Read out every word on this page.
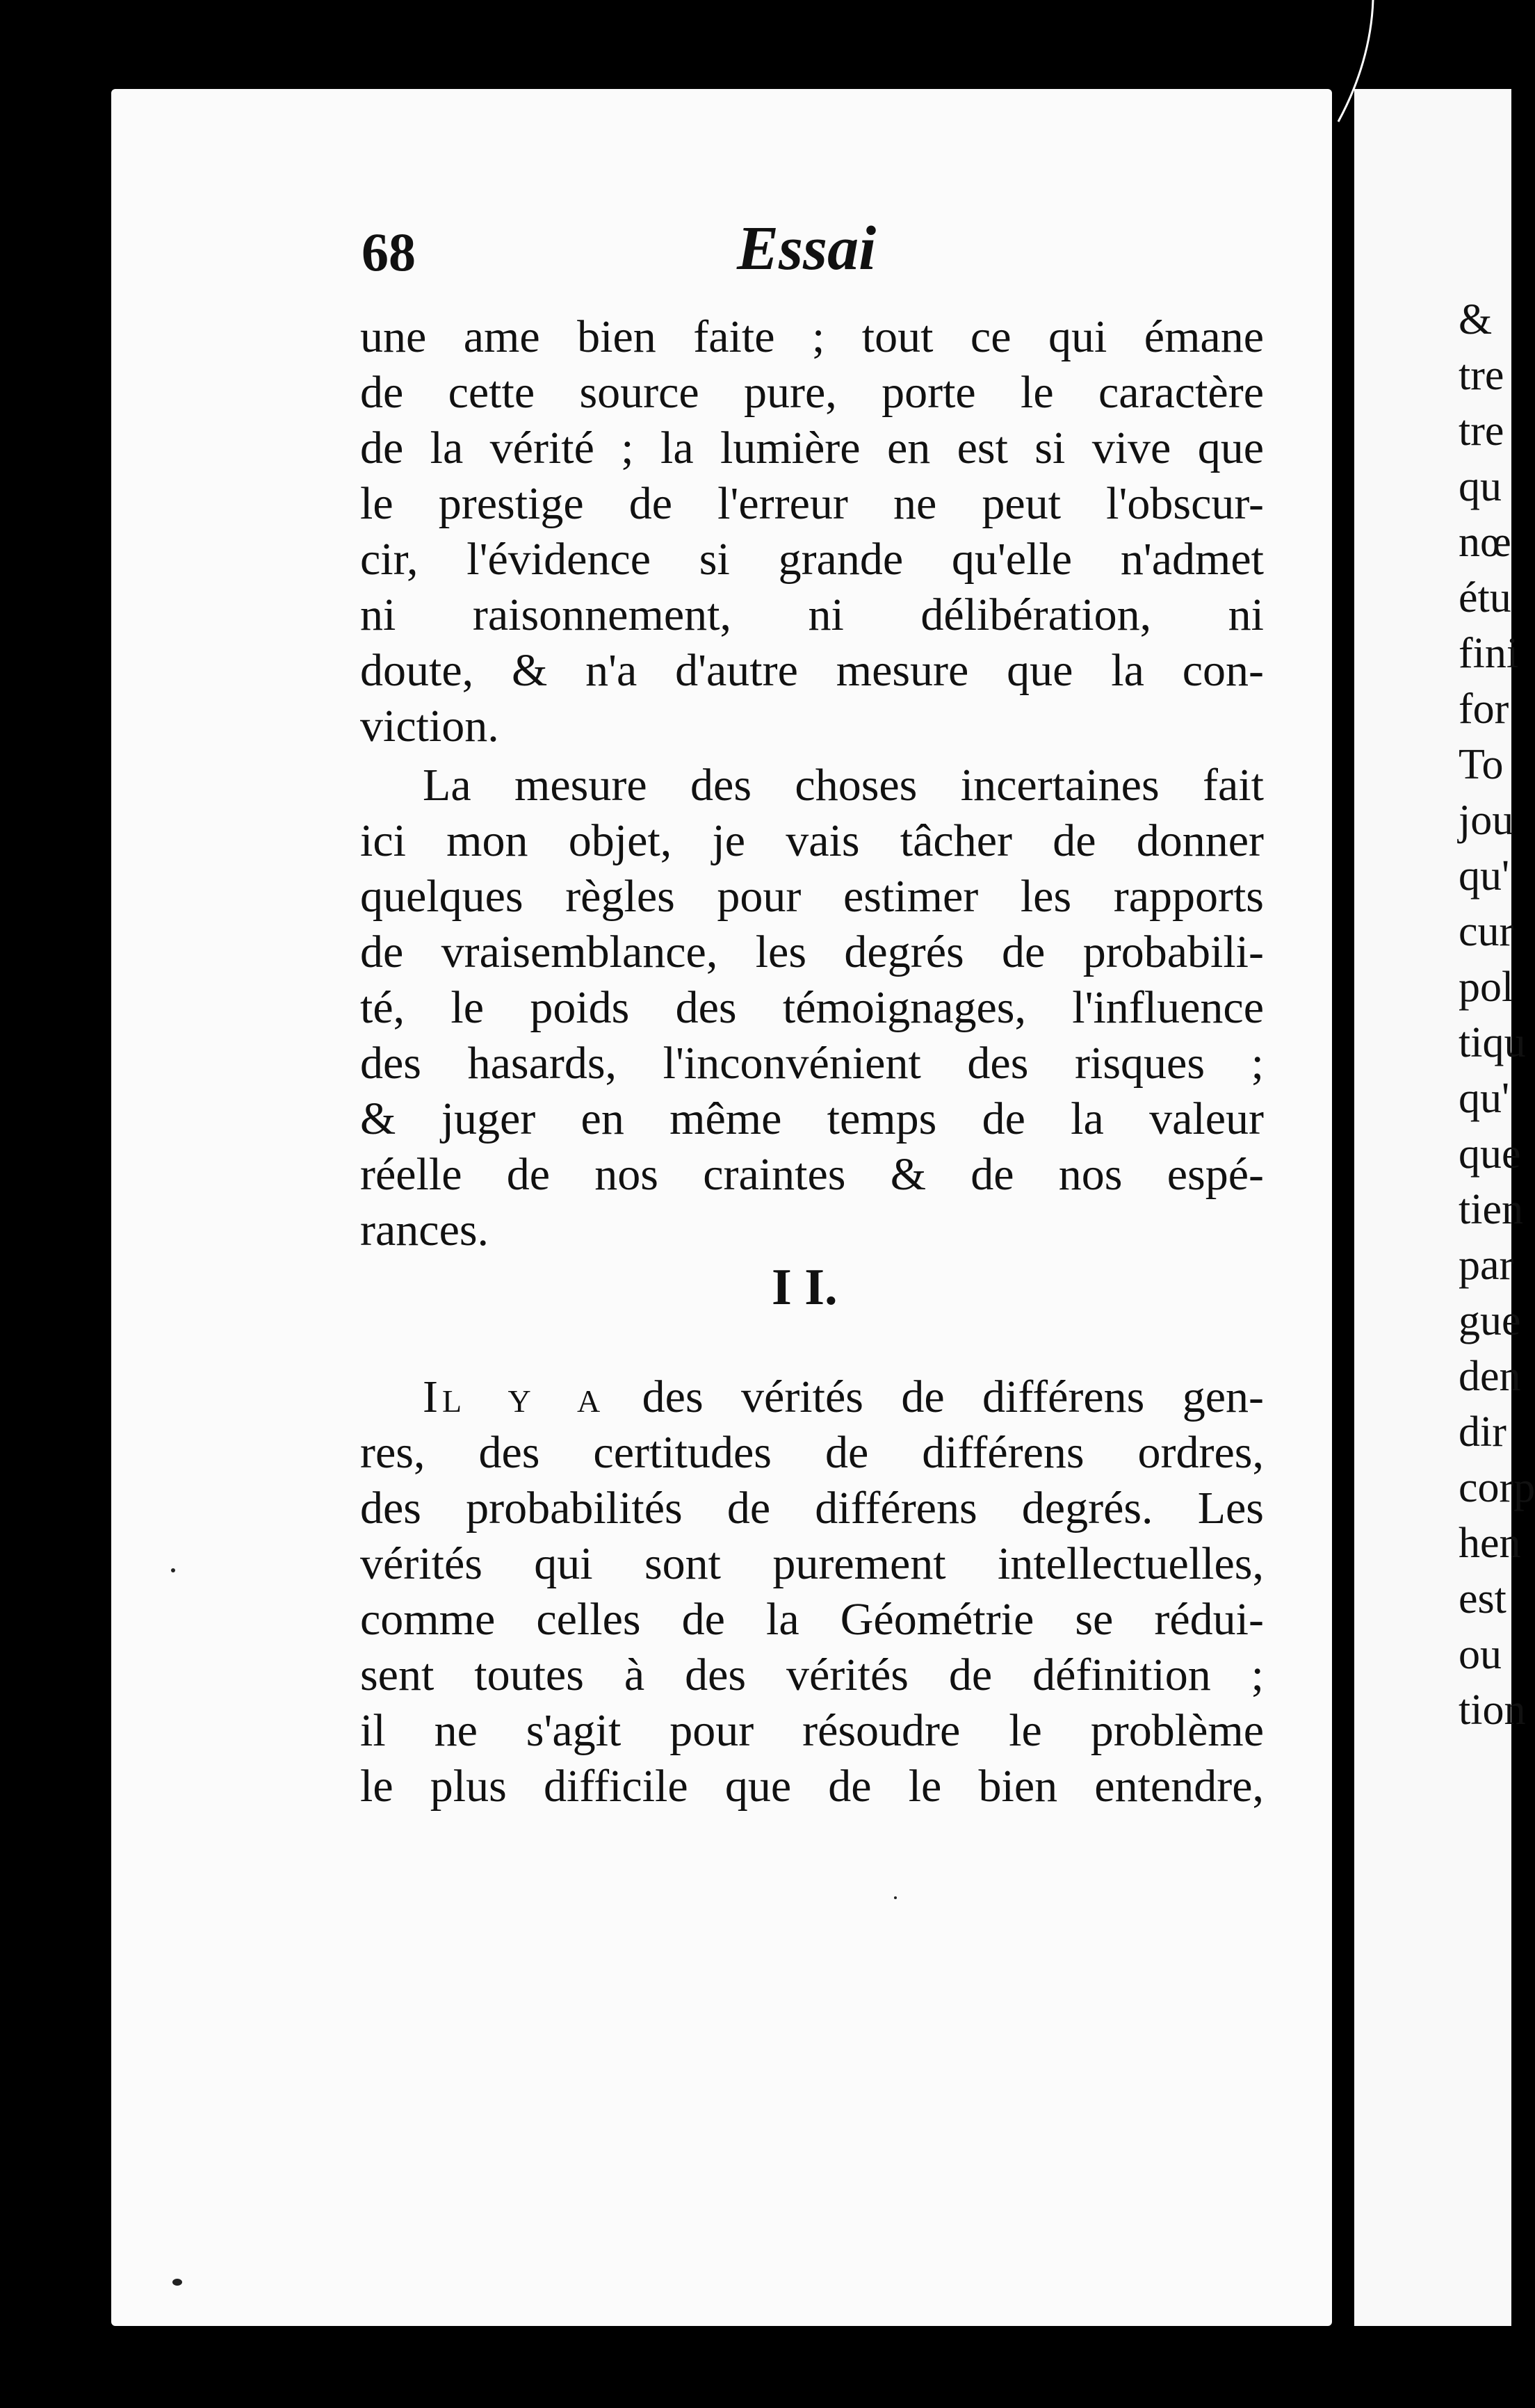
68	Essai
une ame bien faite ; tout ce qui émane
de cette source pure, porte le caractère
de la vérité ; la lumière en est si vive que
le prestige de l'erreur ne peut l'obscur-
cir, l'évidence si grande qu'elle n'admet
ni raisonnement, ni délibération, ni
doute, & n'a d'autre mesure que la con-
viction.
La mesure des choses incertaines fait
ici mon objet, je vais tâcher de donner
quelques règles pour estimer les rapports
de vraisemblance, les degrés de probabili-
té, le poids des témoignages, l'influence
des hasards, l'inconvénient des risques ;
& juger en même temps de la valeur
réelle de nos craintes & de nos espé-
rances.
I I.
Il y a des vérités de différens gen-
res, des certitudes de différens ordres,
des probabilités de différens degrés. Les
vérités qui sont purement intellectuelles,
comme celles de la Géométrie se rédui-
sent toutes à des vérités de définition ;
il ne s'agit pour résoudre le problème
le plus difficile que de le bien entendre,
&
tre
tre
qu
nœ
étu
fini
for
To
jou
qu'
cur
pol
tiqu
qu'
que
tien
par
gue
den
dir
corp
hen
est
ou
tion
